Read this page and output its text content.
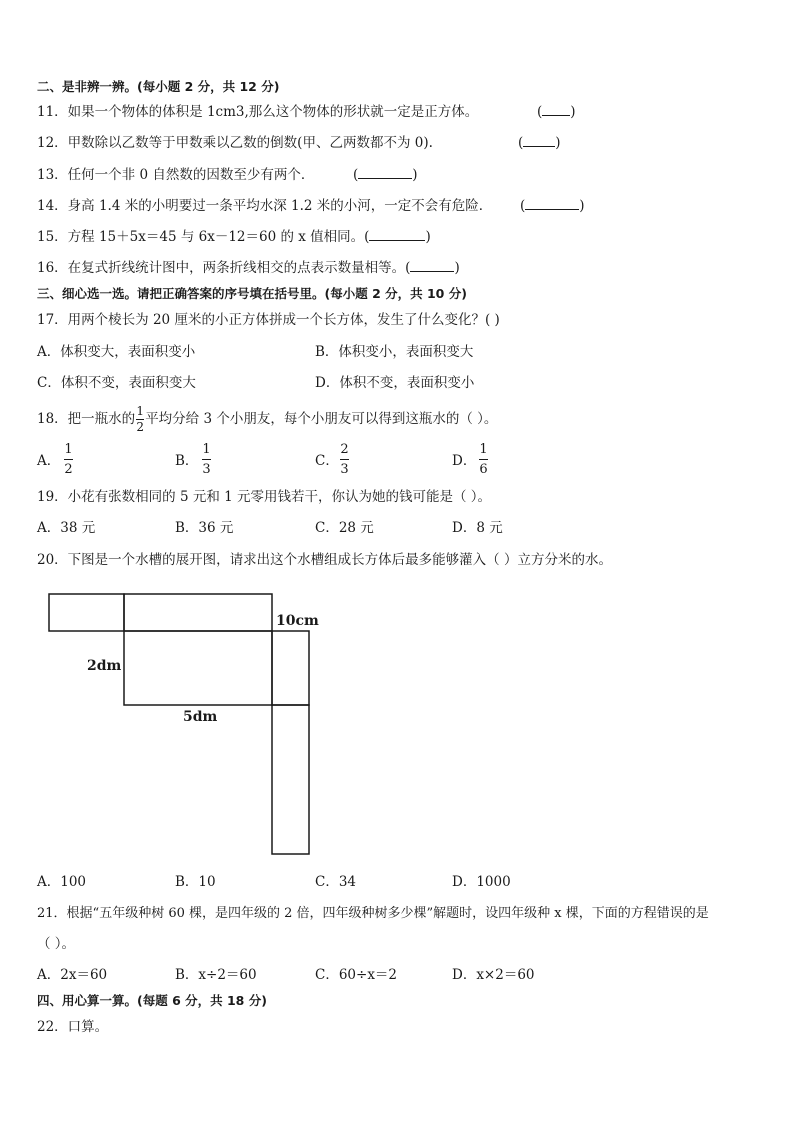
二、是非辨一辨。(每小题 2 分，共 12 分)
11．如果一个物体的体积是 1cm3,那么这个物体的形状就一定是正方体。	( )
12．甲数除以乙数等于甲数乘以乙数的倒数(甲、乙两数都不为 0).	( )
13．任何一个非 0 自然数的因数至少有两个．	(	)
14．身高 1.4 米的小明要过一条平均水深 1.2 米的小河，一定不会有危险． (	)
15．方程 15＋5x＝45 与 6x－12＝60 的 x 值相同。(	)
16．在复式折线统计图中，两条折线相交的点表示数量相等。(	)
三、细心选一选。请把正确答案的序号填在括号里。(每小题 2 分，共 10 分)
17．用两个棱长为 20 厘米的小正方体拼成一个长方体，发生了什么变化？( )
A．体积变大，表面积变小	B．体积变小，表面积变大
C．体积不变，表面积变大	D．体积不变，表面积变小
18．把一瓶水的 $\frac{1}{2}$ 平均分给 3 个小朋友，每个小朋友可以得到这瓶水的（ ）。
A．
1
2
B．
1
3
C．
2
3
D．
1
6
19．小花有张数相同的 5 元和 1 元零用钱若干，你认为她的钱可能是（ ）。
A．38 元	B．36 元	C．28 元	D．8 元
20．下图是一个水槽的展开图，请求出这个水槽组成长方体后最多能够灌入（ ）立方分米的水。
10cm
2dm
5dm
A．100	B．10	C．34	D．1000
21．根据“五年级种树 60 棵，是四年级的 2 倍，四年级种树多少棵”解题时，设四年级种 x 棵，下面的方程错误的是
（ ）。
A．2x＝60	B．x÷2＝60	C．60÷x＝2	D．x×2＝60
四、用心算一算。(每题 6 分，共 18 分)
22．口算。
